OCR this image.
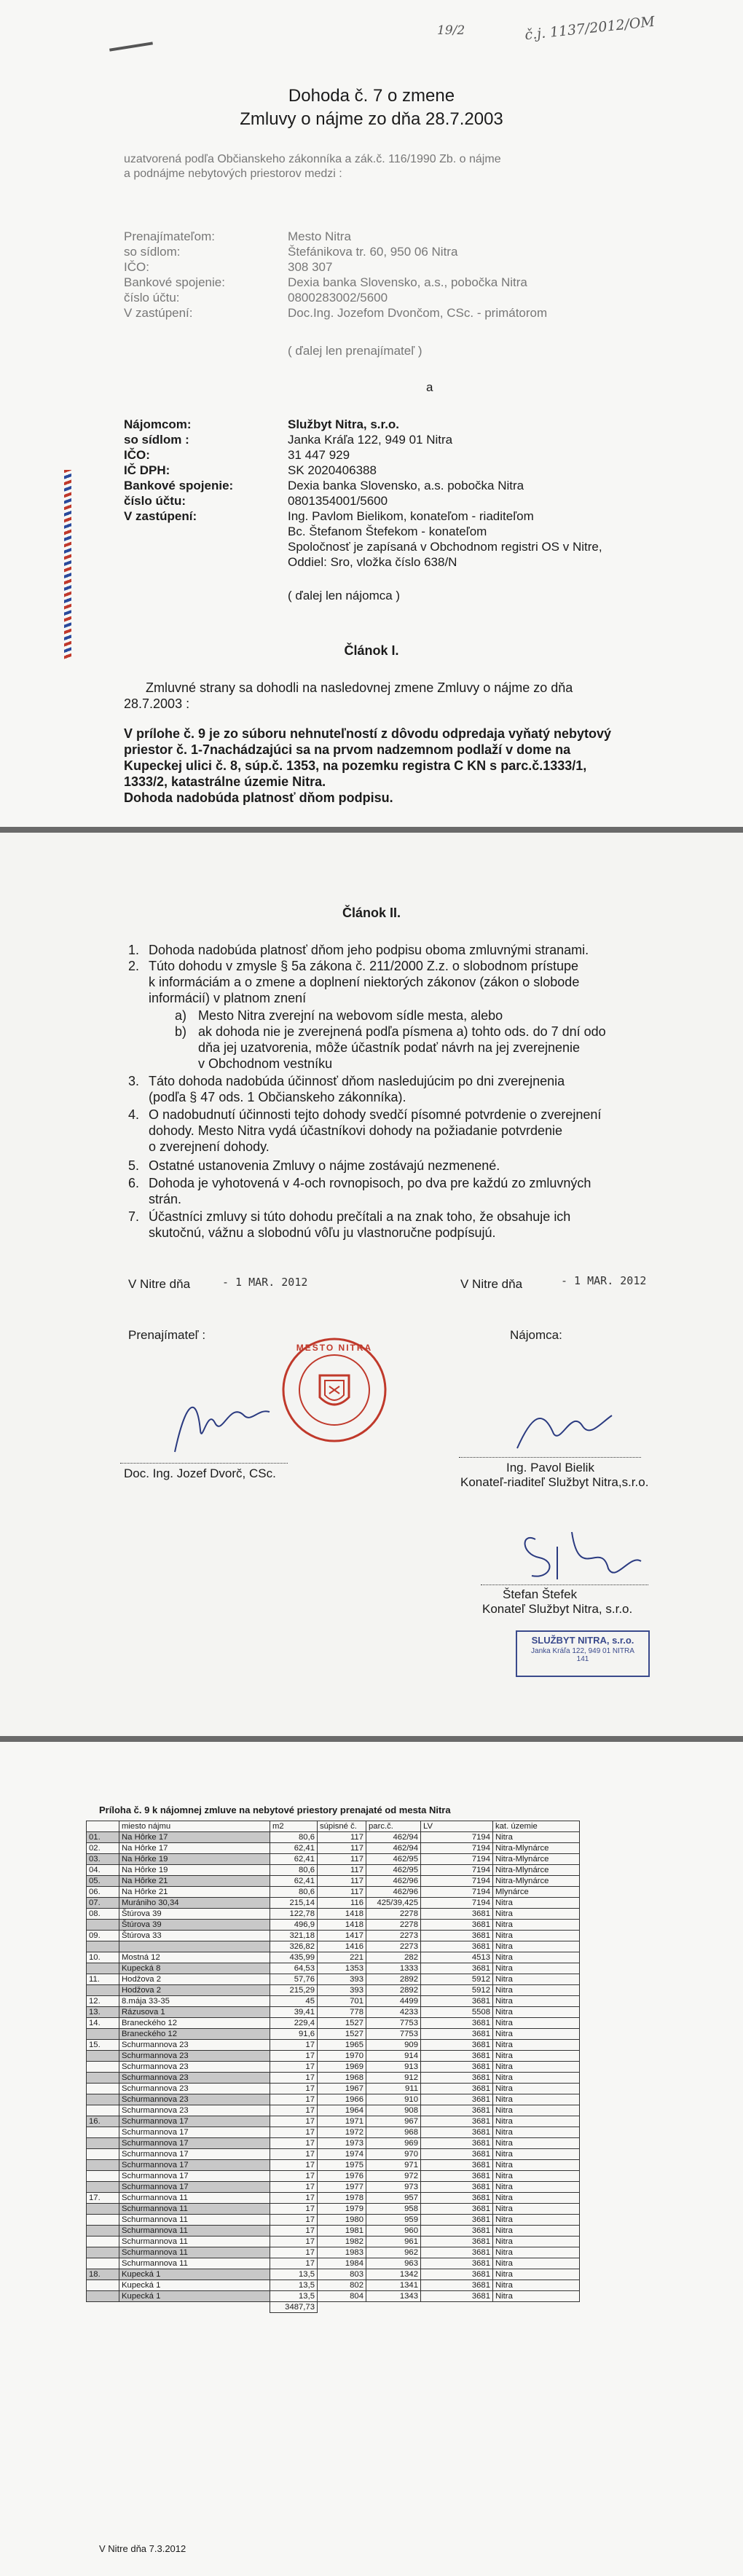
19/2	č.j. 1137/2012/OM
Dohoda č. 7 o zmene
Zmluvy o nájme zo dňa 28.7.2003
uzatvorená podľa Občianskeho zákonníka a zák.č. 116/1990 Zb. o nájme
a podnájme nebytových priestorov medzi :
Prenajímateľom:	Mesto Nitra
so sídlom:	Štefánikova tr. 60, 950 06 Nitra
IČO:	308 307
Bankové spojenie:	Dexia banka Slovensko, a.s., pobočka Nitra
číslo účtu:	0800283002/5600
V zastúpení:	Doc.Ing. Jozefom Dvončom, CSc. - primátorom
( ďalej len prenajímateľ )
a
Nájomcom:	Službyt Nitra, s.r.o.
so sídlom :	Janka Kráľa 122, 949 01 Nitra
IČO:	31 447 929
IČ DPH:	SK 2020406388
Bankové spojenie:	Dexia banka Slovensko, a.s. pobočka Nitra
číslo účtu:	0801354001/5600
V zastúpení:	Ing. Pavlom Bielikom, konateľom - riaditeľom
Bc. Štefanom Štefekom - konateľom
Spoločnosť je zapísaná v Obchodnom registri OS v Nitre,
Oddiel: Sro, vložka číslo 638/N
( ďalej len nájomca )
Článok I.
Zmluvné strany sa dohodli na nasledovnej zmene Zmluvy o nájme zo dňa
28.7.2003 :
V prílohe č. 9 je zo súboru nehnuteľností z dôvodu odpredaja vyňatý nebytový
priestor č. 1-7nachádzajúci sa na prvom nadzemnom podlaží v dome na
Kupeckej ulici č. 8, súp.č. 1353, na pozemku registra C KN s parc.č.1333/1,
1333/2, katastrálne územie Nitra.
Dohoda nadobúda platnosť dňom podpisu.
Článok II.
1. Dohoda nadobúda platnosť dňom jeho podpisu oboma zmluvnými stranami.
2. Túto dohodu v zmysle § 5a zákona č. 211/2000 Z.z. o slobodnom prístupe
k informáciám a o zmene a doplnení niektorých zákonov (zákon o slobode
informácií) v platnom znení
a) Mesto Nitra zverejní na webovom sídle mesta, alebo
b) ak dohoda nie je zverejnená podľa písmena a) tohto ods. do 7 dní odo
dňa jej uzatvorenia, môže účastník podať návrh na jej zverejnenie
v Obchodnom vestníku
3. Táto dohoda nadobúda účinnosť dňom nasledujúcim po dni zverejnenia
(podľa § 47 ods. 1 Občianskeho zákonníka).
4. O nadobudnutí účinnosti tejto dohody svedčí písomné potvrdenie o zverejnení
dohody. Mesto Nitra vydá účastníkovi dohody na požiadanie potvrdenie
o zverejnení dohody.
5. Ostatné ustanovenia Zmluvy o nájme zostávajú nezmenené.
6. Dohoda je vyhotovená v 4-och rovnopisoch, po dva pre každú zo zmluvných
strán.
7. Účastníci zmluvy si túto dohodu prečítali a na znak toho, že obsahuje ich
skutočnú, vážnu a slobodnú vôľu ju vlastnoručne podpísujú.
V Nitre dňa	- 1 MAR. 2012	V Nitre dňa	- 1 MAR. 2012
Prenajímateľ :	Nájomca:
MESTO NITRA
Doc. Ing. Jozef Dvorč, CSc.	Ing. Pavol Bielik
Konateľ-riaditeľ Službyt Nitra,s.r.o.
Štefan Štefek
Konateľ Službyt Nitra, s.r.o.
SLUŽBYT NITRA, s.r.o.
Janka Kráľa 122, 949 01 NITRA
141
Príloha č. 9 k nájomnej zmluve na nebytové priestory prenajaté od mesta Nitra
	miesto nájmu	m2	súpisné č.	parc.č.	LV	kat. územie
01.	Na Hôrke 17	80,6	117	462/94	7194	Nitra
02.	Na Hôrke 17	62,41	117	462/94	7194	Nitra-Mlynárce
03.	Na Hôrke 19	62,41	117	462/95	7194	Nitra-Mlynárce
04.	Na Hôrke 19	80,6	117	462/95	7194	Nitra-Mlynárce
05.	Na Hôrke 21	62,41	117	462/96	7194	Nitra-Mlynárce
06.	Na Hôrke 21	80,6	117	462/96	7194	Mlynárce
07.	Murániho 30,34	215,14	116	425/39,425	7194	Nitra
08.	Štúrova 39	122,78	1418	2278	3681	Nitra
	Štúrova 39	496,9	1418	2278	3681	Nitra
09.	Štúrova 33	321,18	1417	2273	3681	Nitra
		326,82	1416	2273	3681	Nitra
10.	Mostná 12	435,99	221	282	4513	Nitra
	Kupecká 8	64,53	1353	1333	3681	Nitra
11.	Hodžova 2	57,76	393	2892	5912	Nitra
	Hodžova 2	215,29	393	2892	5912	Nitra
12.	8.mája 33-35	45	701	4499	3681	Nitra
13.	Rázusova 1	39,41	778	4233	5508	Nitra
14.	Braneckého 12	229,4	1527	7753	3681	Nitra
	Braneckého 12	91,6	1527	7753	3681	Nitra
15.	Schurmannova 23	17	1965	909	3681	Nitra
	Schurmannova 23	17	1970	914	3681	Nitra
	Schurmannova 23	17	1969	913	3681	Nitra
	Schurmannova 23	17	1968	912	3681	Nitra
	Schurmannova 23	17	1967	911	3681	Nitra
	Schurmannova 23	17	1966	910	3681	Nitra
	Schurmannova 23	17	1964	908	3681	Nitra
16.	Schurmannova 17	17	1971	967	3681	Nitra
	Schurmannova 17	17	1972	968	3681	Nitra
	Schurmannova 17	17	1973	969	3681	Nitra
	Schurmannova 17	17	1974	970	3681	Nitra
	Schurmannova 17	17	1975	971	3681	Nitra
	Schurmannova 17	17	1976	972	3681	Nitra
	Schurmannova 17	17	1977	973	3681	Nitra
17.	Schurmannova 11	17	1978	957	3681	Nitra
	Schurmannova 11	17	1979	958	3681	Nitra
	Schurmannova 11	17	1980	959	3681	Nitra
	Schurmannova 11	17	1981	960	3681	Nitra
	Schurmannova 11	17	1982	961	3681	Nitra
	Schurmannova 11	17	1983	962	3681	Nitra
	Schurmannova 11	17	1984	963	3681	Nitra
18.	Kupecká 1	13,5	803	1342	3681	Nitra
	Kupecká 1	13,5	802	1341	3681	Nitra
	Kupecká 1	13,5	804	1343	3681	Nitra
		3487,73				
V Nitre dňa 7.3.2012
